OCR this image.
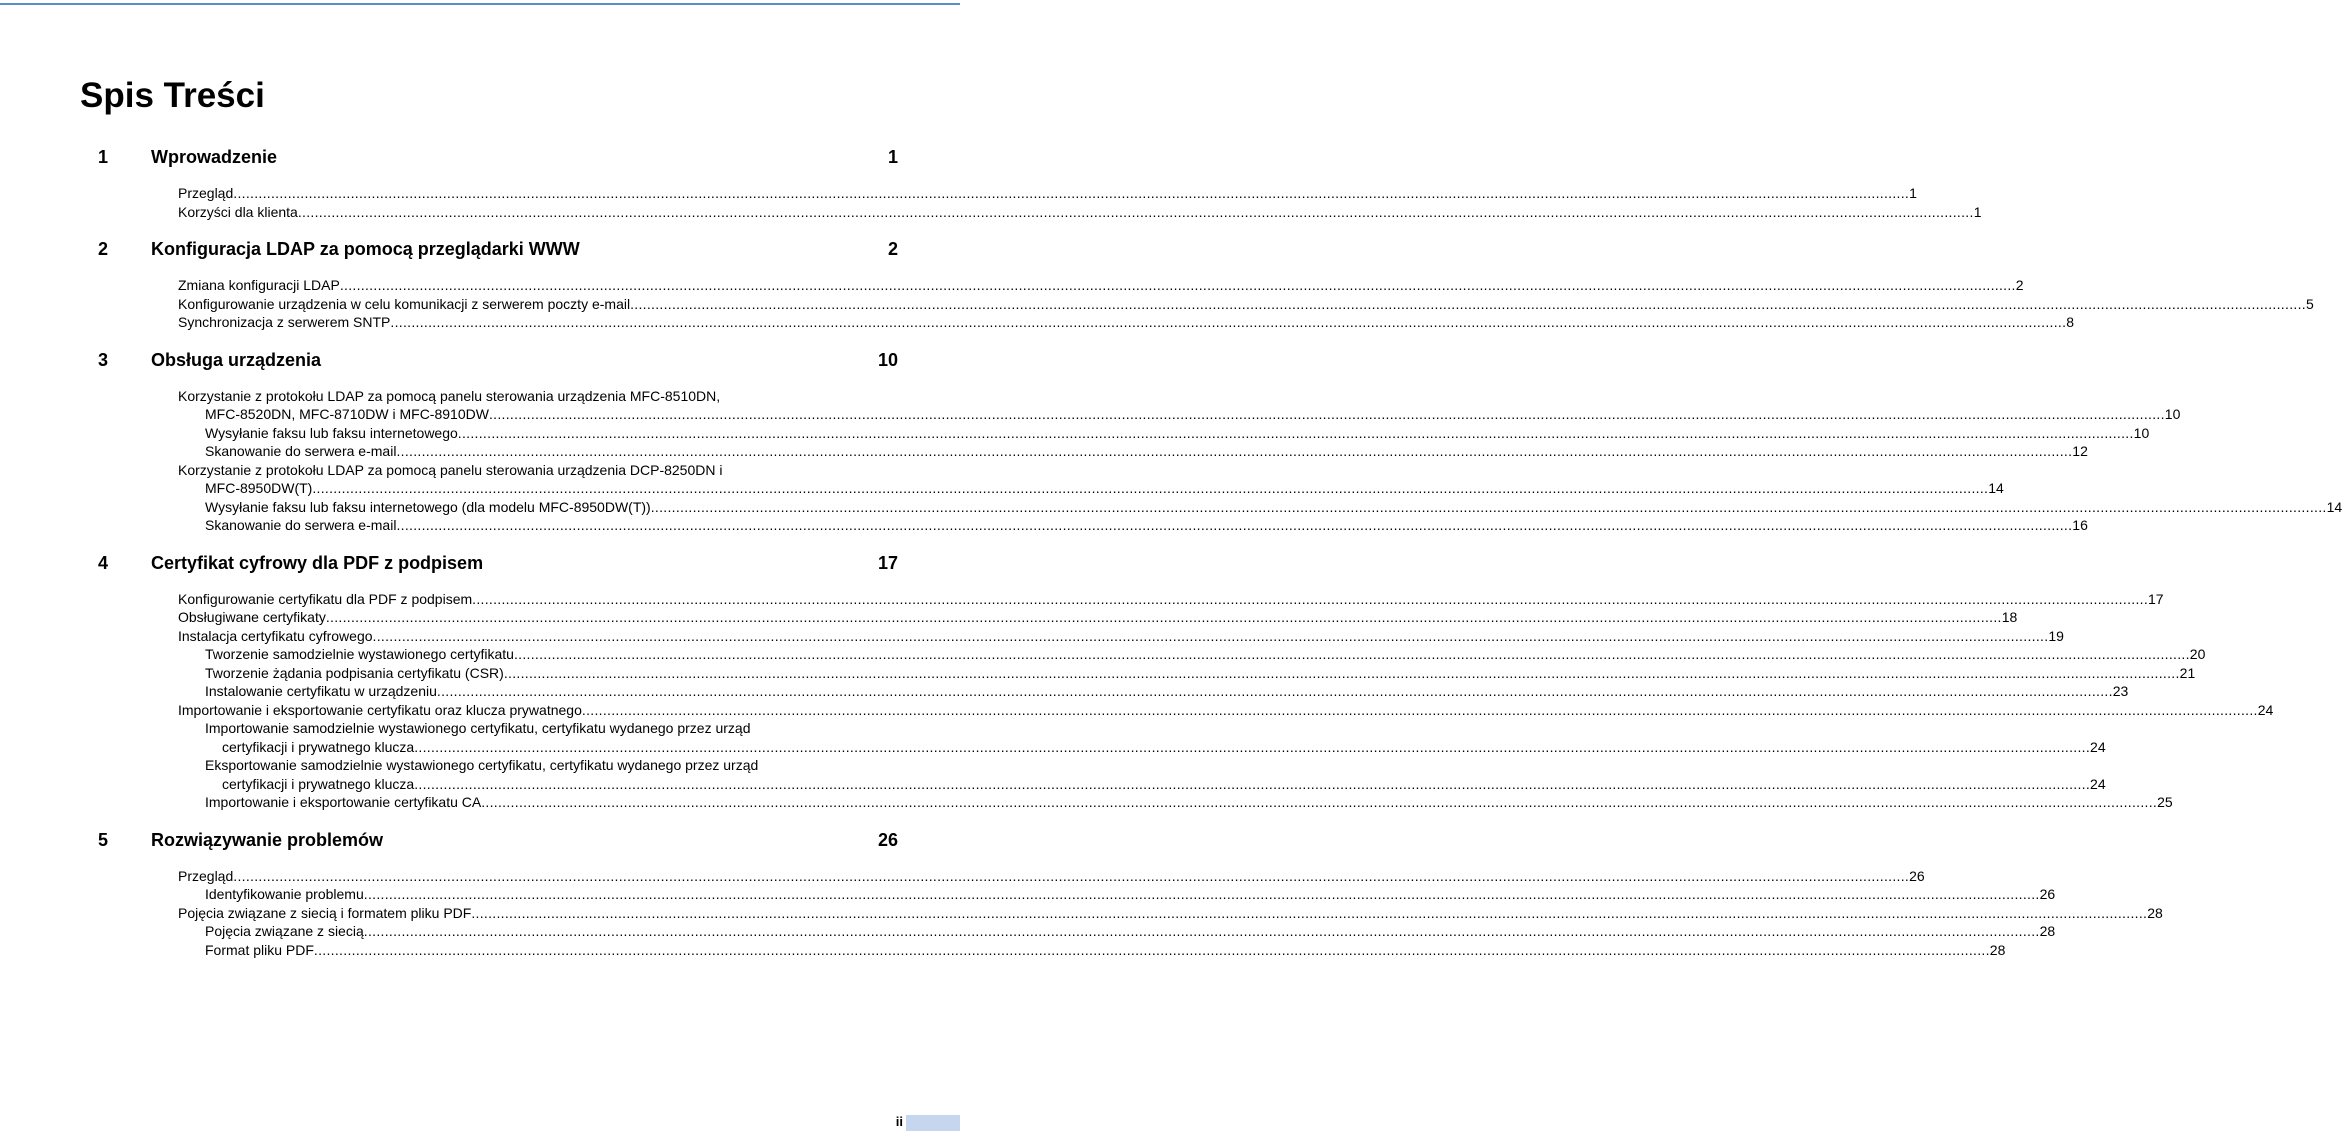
Spis Treści
1	Wprowadzenie	1
Przegląd................................................................................................................................................................................................................................................................................................................................................................................................................ 1
Korzyści dla klienta................................................................................................................................................................................................................................................................................................................................................................................................................ 1
2	Konfiguracja LDAP za pomocą przeglądarki WWW	2
Zmiana konfiguracji LDAP................................................................................................................................................................................................................................................................................................................................................................................................................ 2
Konfigurowanie urządzenia w celu komunikacji z serwerem poczty e-mail................................................................................................................................................................................................................................................................................................................................................................................................................ 5
Synchronizacja z serwerem SNTP................................................................................................................................................................................................................................................................................................................................................................................................................ 8
3	Obsługa urządzenia	10
Korzystanie z protokołu LDAP za pomocą panelu sterowania urządzenia MFC-8510DN,
MFC-8520DN, MFC-8710DW i MFC-8910DW................................................................................................................................................................................................................................................................................................................................................................................................................ 10
Wysyłanie faksu lub faksu internetowego................................................................................................................................................................................................................................................................................................................................................................................................................ 10
Skanowanie do serwera e-mail................................................................................................................................................................................................................................................................................................................................................................................................................ 12
Korzystanie z protokołu LDAP za pomocą panelu sterowania urządzenia DCP-8250DN i
MFC-8950DW(T)................................................................................................................................................................................................................................................................................................................................................................................................................ 14
Wysyłanie faksu lub faksu internetowego (dla modelu MFC-8950DW(T))................................................................................................................................................................................................................................................................................................................................................................................................................ 14
Skanowanie do serwera e-mail................................................................................................................................................................................................................................................................................................................................................................................................................ 16
4	Certyfikat cyfrowy dla PDF z podpisem	17
Konfigurowanie certyfikatu dla PDF z podpisem................................................................................................................................................................................................................................................................................................................................................................................................................ 17
Obsługiwane certyfikaty................................................................................................................................................................................................................................................................................................................................................................................................................ 18
Instalacja certyfikatu cyfrowego................................................................................................................................................................................................................................................................................................................................................................................................................ 19
Tworzenie samodzielnie wystawionego certyfikatu................................................................................................................................................................................................................................................................................................................................................................................................................ 20
Tworzenie żądania podpisania certyfikatu (CSR)................................................................................................................................................................................................................................................................................................................................................................................................................ 21
Instalowanie certyfikatu w urządzeniu................................................................................................................................................................................................................................................................................................................................................................................................................ 23
Importowanie i eksportowanie certyfikatu oraz klucza prywatnego................................................................................................................................................................................................................................................................................................................................................................................................................ 24
Importowanie samodzielnie wystawionego certyfikatu, certyfikatu wydanego przez urząd
certyfikacji i prywatnego klucza................................................................................................................................................................................................................................................................................................................................................................................................................ 24
Eksportowanie samodzielnie wystawionego certyfikatu, certyfikatu wydanego przez urząd
certyfikacji i prywatnego klucza................................................................................................................................................................................................................................................................................................................................................................................................................ 24
Importowanie i eksportowanie certyfikatu CA................................................................................................................................................................................................................................................................................................................................................................................................................ 25
5	Rozwiązywanie problemów	26
Przegląd................................................................................................................................................................................................................................................................................................................................................................................................................ 26
Identyfikowanie problemu................................................................................................................................................................................................................................................................................................................................................................................................................ 26
Pojęcia związane z siecią i formatem pliku PDF................................................................................................................................................................................................................................................................................................................................................................................................................ 28
Pojęcia związane z siecią................................................................................................................................................................................................................................................................................................................................................................................................................ 28
Format pliku PDF................................................................................................................................................................................................................................................................................................................................................................................................................ 28
ii
